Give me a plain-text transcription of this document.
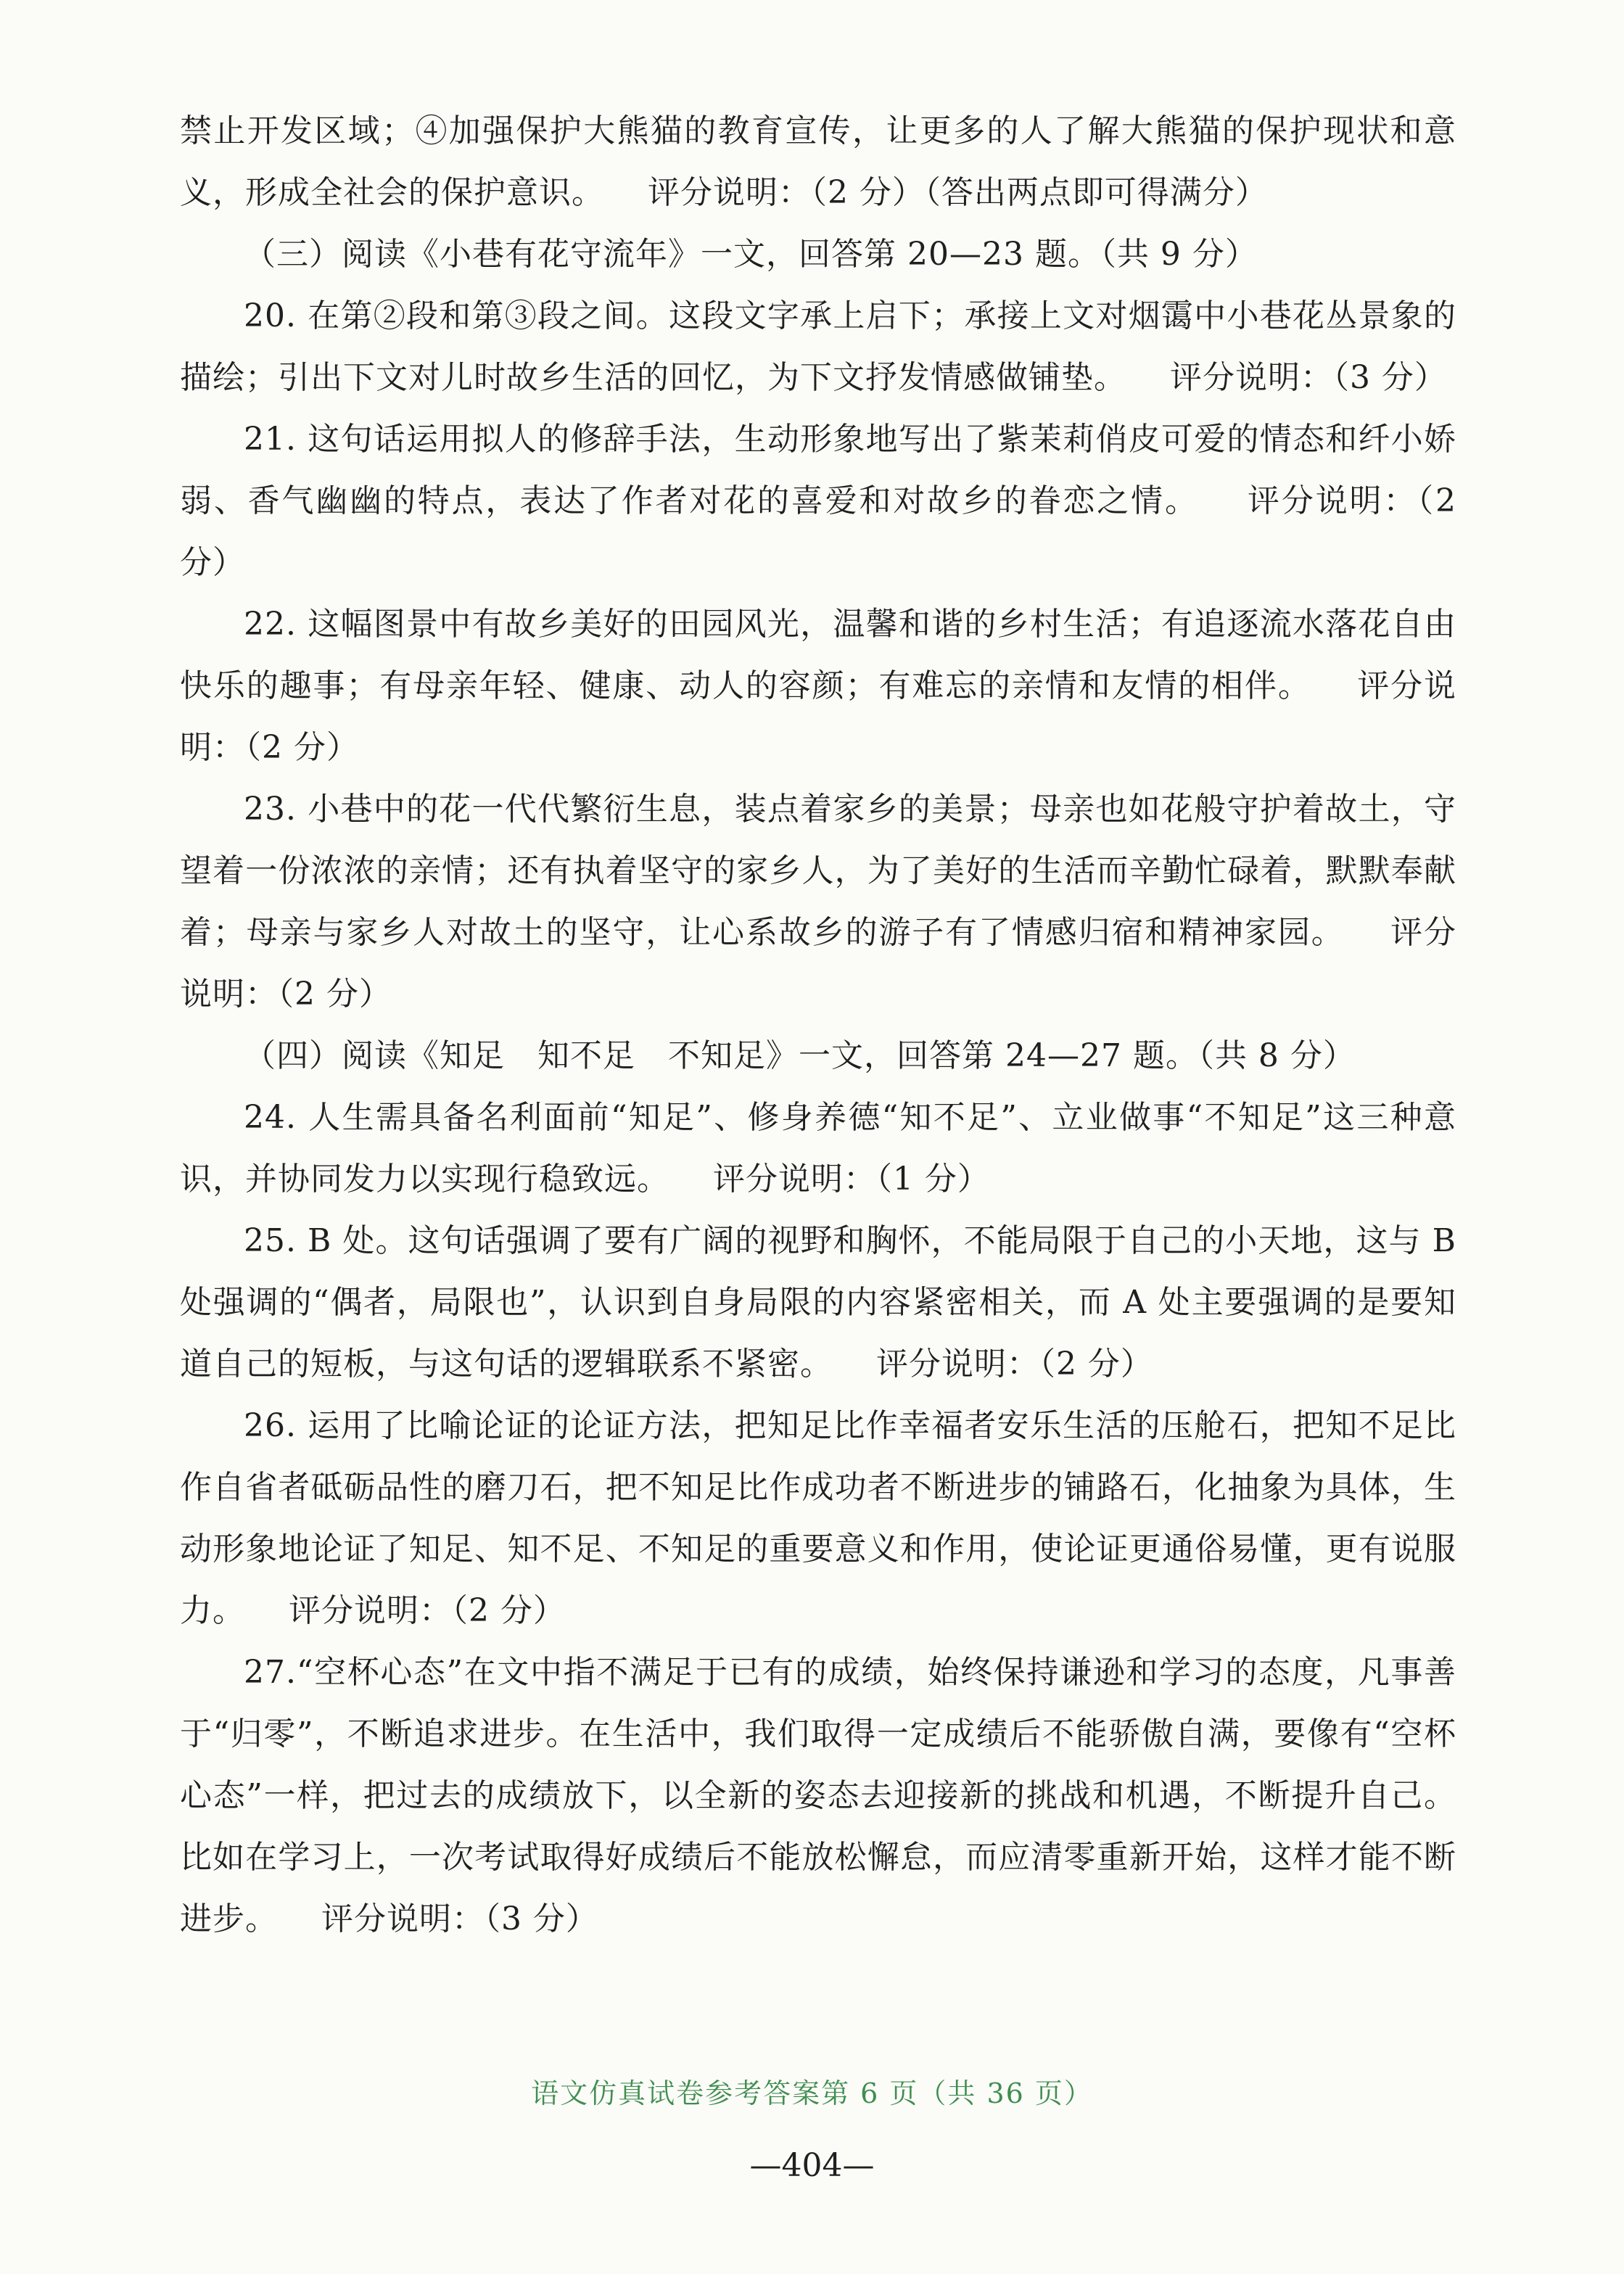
禁止开发区域；④加强保护大熊猫的教育宣传，让更多的人了解大熊猫的保护现状和意义，形成全社会的保护意识。 评分说明：（2 分）（答出两点即可得满分）

（三）阅读《小巷有花守流年》一文，回答第 20—23 题。（共 9 分）

20. 在第②段和第③段之间。这段文字承上启下；承接上文对烟霭中小巷花丛景象的描绘；引出下文对儿时故乡生活的回忆，为下文抒发情感做铺垫。 评分说明：（3 分）

21. 这句话运用拟人的修辞手法，生动形象地写出了紫茉莉俏皮可爱的情态和纤小娇弱、香气幽幽的特点，表达了作者对花的喜爱和对故乡的眷恋之情。 评分说明：（2 分）

22. 这幅图景中有故乡美好的田园风光，温馨和谐的乡村生活；有追逐流水落花自由快乐的趣事；有母亲年轻、健康、动人的容颜；有难忘的亲情和友情的相伴。 评分说明：（2 分）

23. 小巷中的花一代代繁衍生息，装点着家乡的美景；母亲也如花般守护着故土，守望着一份浓浓的亲情；还有执着坚守的家乡人，为了美好的生活而辛勤忙碌着，默默奉献着；母亲与家乡人对故土的坚守，让心系故乡的游子有了情感归宿和精神家园。 评分说明：（2 分）

（四）阅读《知足　知不足　不知足》一文，回答第 24—27 题。（共 8 分）

24. 人生需具备名利面前“知足”、修身养德“知不足”、立业做事“不知足”这三种意识，并协同发力以实现行稳致远。 评分说明：（1 分）

25. B 处。这句话强调了要有广阔的视野和胸怀，不能局限于自己的小天地，这与 B 处强调的“偶者，局限也”，认识到自身局限的内容紧密相关，而 A 处主要强调的是要知道自己的短板，与这句话的逻辑联系不紧密。 评分说明：（2 分）

26. 运用了比喻论证的论证方法，把知足比作幸福者安乐生活的压舱石，把知不足比作自省者砥砺品性的磨刀石，把不知足比作成功者不断进步的铺路石，化抽象为具体，生动形象地论证了知足、知不足、不知足的重要意义和作用，使论证更通俗易懂，更有说服力。 评分说明：（2 分）

27.“空杯心态”在文中指不满足于已有的成绩，始终保持谦逊和学习的态度，凡事善于“归零”，不断追求进步。在生活中，我们取得一定成绩后不能骄傲自满，要像有“空杯心态”一样，把过去的成绩放下，以全新的姿态去迎接新的挑战和机遇，不断提升自己。比如在学习上，一次考试取得好成绩后不能放松懈怠，而应清零重新开始，这样才能不断进步。 评分说明：（3 分）

语文仿真试卷参考答案第 6 页（共 36 页）
—404—
